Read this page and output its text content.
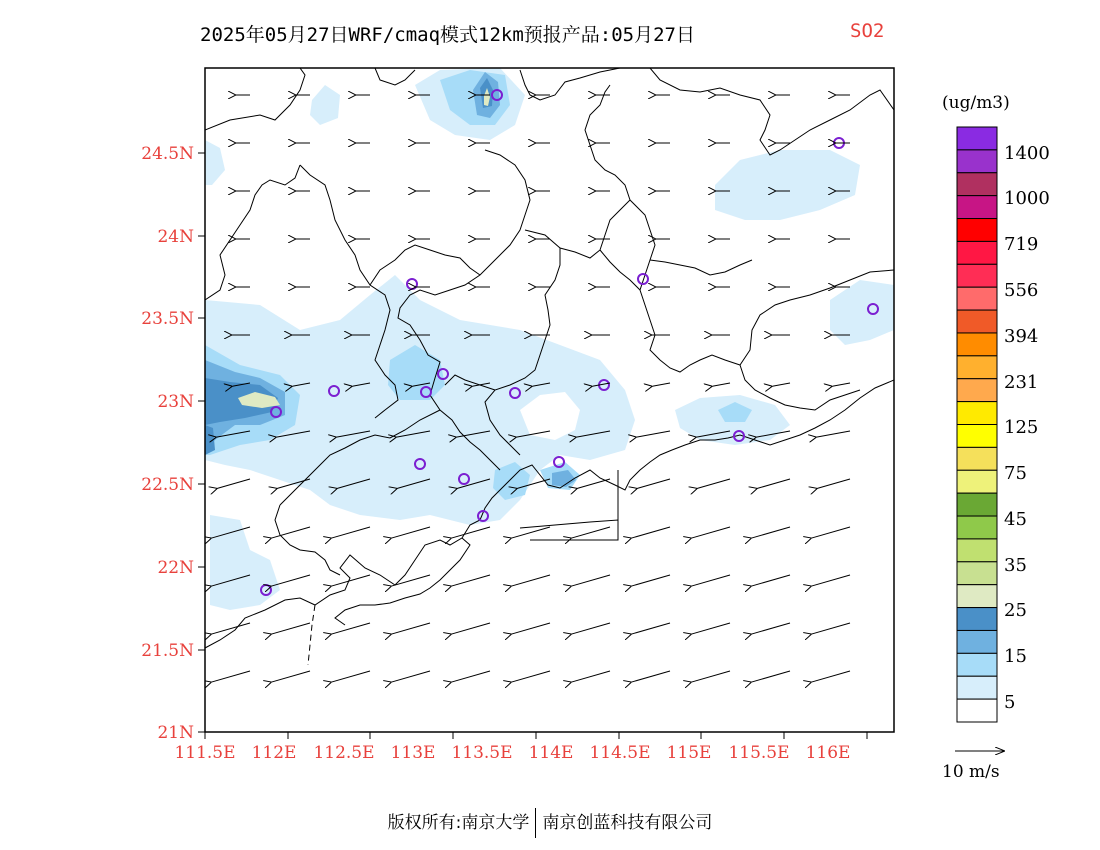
2025年05月27日WRF/cmaq模式12km预报产品:05月27日	SO2
24.5N
24N
23.5N
23N
22.5N
22N
21.5N
21N
111.5E 112E 112.5E 113E 113.5E 114E 114.5E 115E 115.5E 116E
(ug/m3)
1400
1000
719
556
394
231
125
75
45
35
25
15
5
10 m/s
版权所有:南京大学 南京创蓝科技有限公司
